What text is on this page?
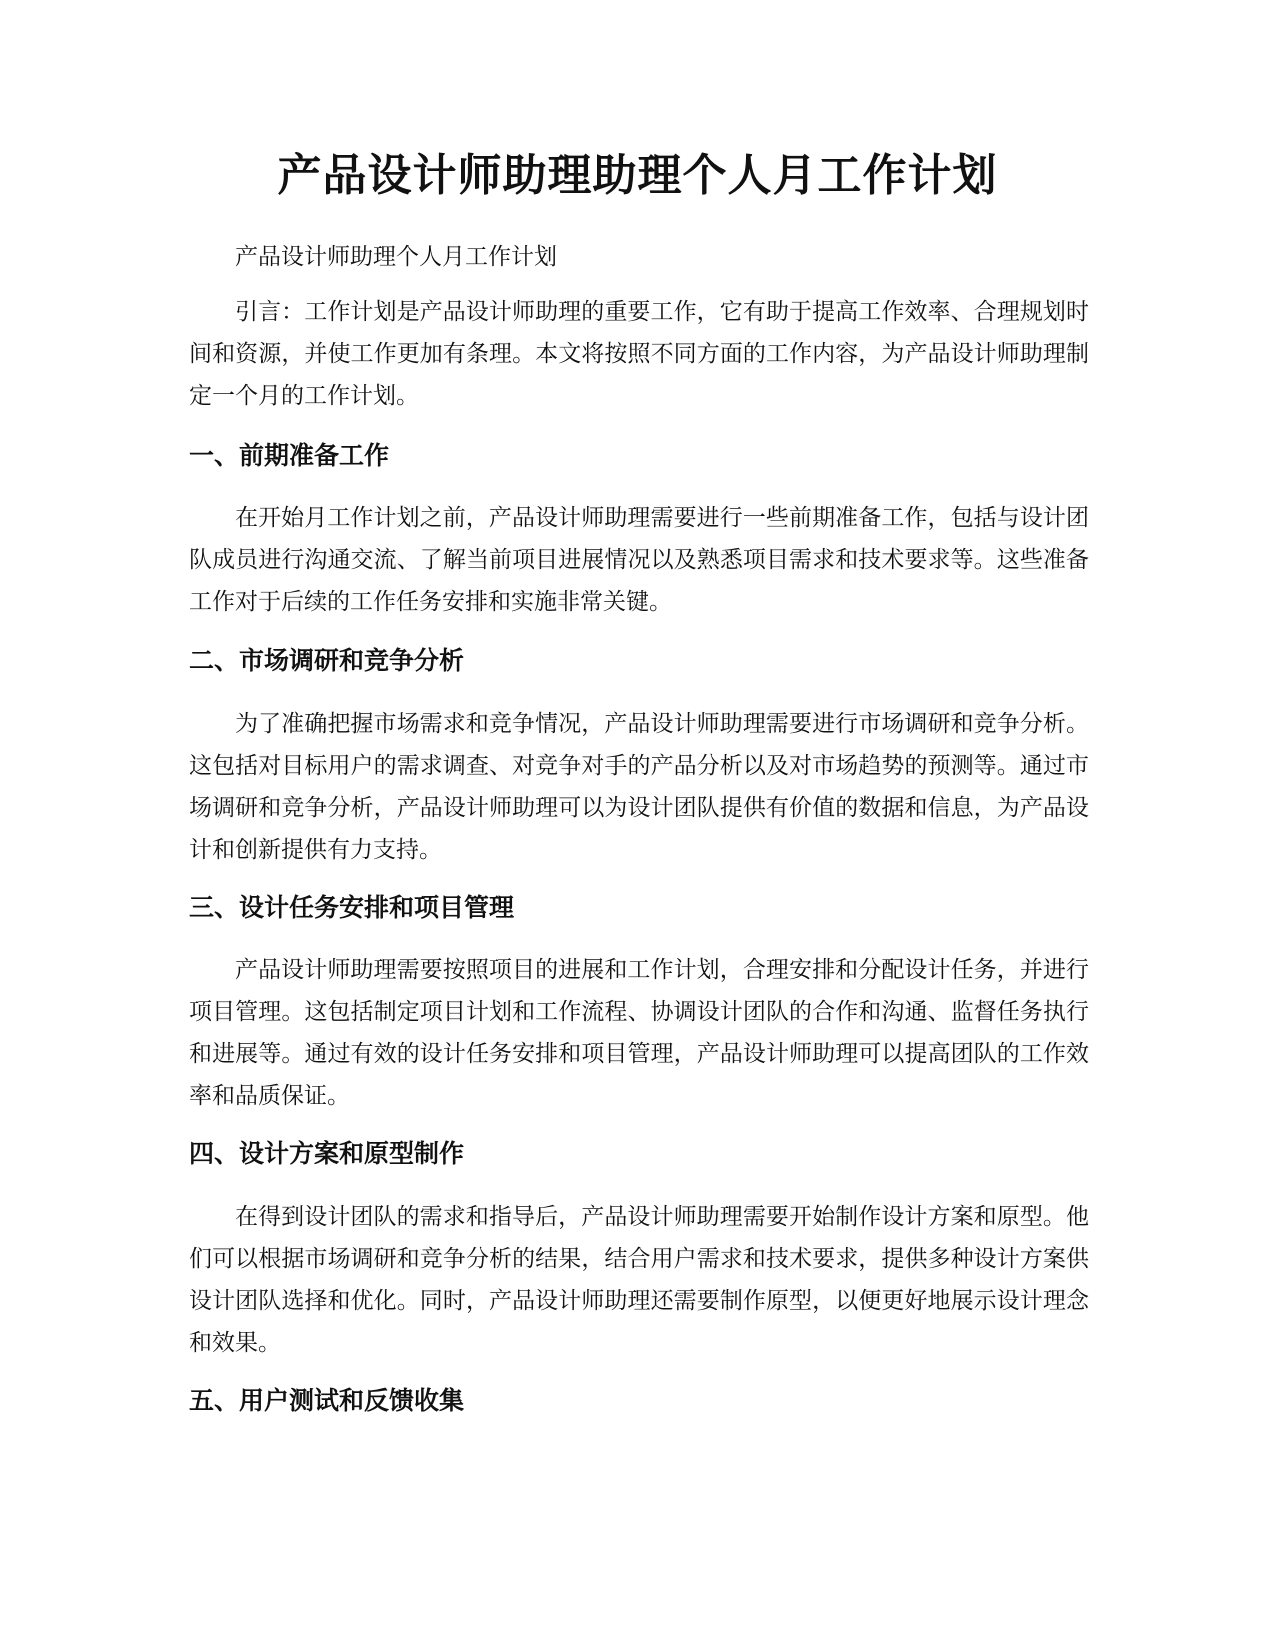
产品设计师助理助理个人月工作计划

产品设计师助理个人月工作计划

引言：工作计划是产品设计师助理的重要工作，它有助于提高工作效率、合理规划时间和资源，并使工作更加有条理。本文将按照不同方面的工作内容，为产品设计师助理制定一个月的工作计划。

一、前期准备工作

在开始月工作计划之前，产品设计师助理需要进行一些前期准备工作，包括与设计团队成员进行沟通交流、了解当前项目进展情况以及熟悉项目需求和技术要求等。这些准备工作对于后续的工作任务安排和实施非常关键。

二、市场调研和竞争分析

为了准确把握市场需求和竞争情况，产品设计师助理需要进行市场调研和竞争分析。这包括对目标用户的需求调查、对竞争对手的产品分析以及对市场趋势的预测等。通过市场调研和竞争分析，产品设计师助理可以为设计团队提供有价值的数据和信息，为产品设计和创新提供有力支持。

三、设计任务安排和项目管理

产品设计师助理需要按照项目的进展和工作计划，合理安排和分配设计任务，并进行项目管理。这包括制定项目计划和工作流程、协调设计团队的合作和沟通、监督任务执行和进展等。通过有效的设计任务安排和项目管理，产品设计师助理可以提高团队的工作效率和品质保证。

四、设计方案和原型制作

在得到设计团队的需求和指导后，产品设计师助理需要开始制作设计方案和原型。他们可以根据市场调研和竞争分析的结果，结合用户需求和技术要求，提供多种设计方案供设计团队选择和优化。同时，产品设计师助理还需要制作原型，以便更好地展示设计理念和效果。

五、用户测试和反馈收集
